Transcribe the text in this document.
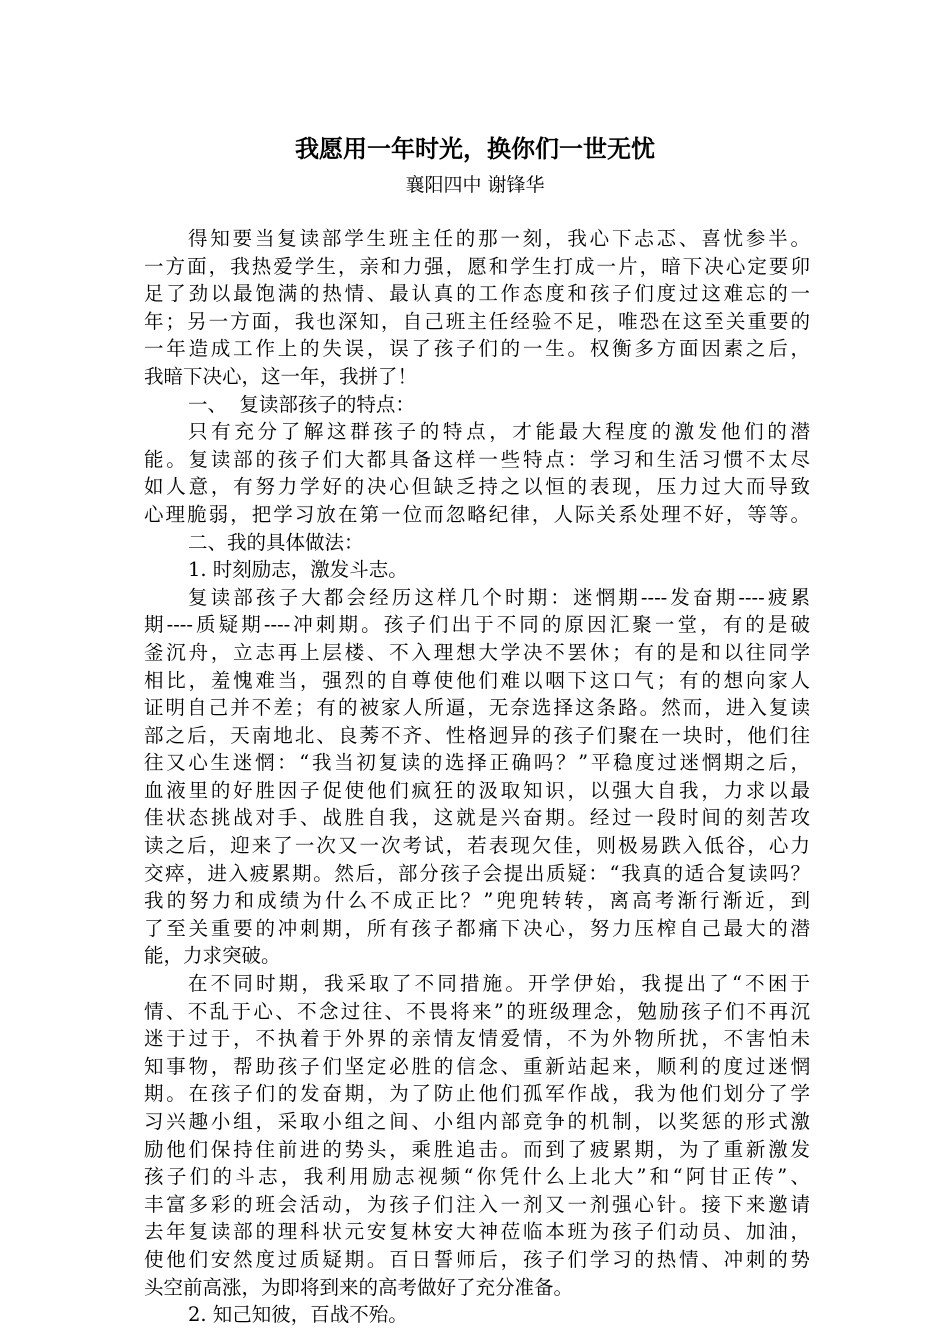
我愿用一年时光，换你们一世无忧
襄阳四中 谢锋华
得知要当复读部学生班主任的那一刻，我心下忐忑、喜忧参半。
一方面，我热爱学生，亲和力强，愿和学生打成一片，暗下决心定要卯
足了劲以最饱满的热情、最认真的工作态度和孩子们度过这难忘的一
年；另一方面，我也深知，自己班主任经验不足，唯恐在这至关重要的
一年造成工作上的失误，误了孩子们的一生。权衡多方面因素之后，
我暗下决心，这一年，我拼了！
一、  复读部孩子的特点：
只有充分了解这群孩子的特点，才能最大程度的激发他们的潜
能。复读部的孩子们大都具备这样一些特点：学习和生活习惯不太尽
如人意，有努力学好的决心但缺乏持之以恒的表现，压力过大而导致
心理脆弱，把学习放在第一位而忽略纪律，人际关系处理不好，等等。
二、我的具体做法：
1. 时刻励志，激发斗志。
复读部孩子大都会经历这样几个时期：迷惘期----发奋期----疲累
期----质疑期----冲刺期。孩子们出于不同的原因汇聚一堂，有的是破
釜沉舟，立志再上层楼、不入理想大学决不罢休；有的是和以往同学
相比，羞愧难当，强烈的自尊使他们难以咽下这口气；有的想向家人
证明自己并不差；有的被家人所逼，无奈选择这条路。然而，进入复读
部之后，天南地北、良莠不齐、性格迥异的孩子们聚在一块时，他们往
往又心生迷惘：“我当初复读的选择正确吗？”平稳度过迷惘期之后，
血液里的好胜因子促使他们疯狂的汲取知识，以强大自我，力求以最
佳状态挑战对手、战胜自我，这就是兴奋期。经过一段时间的刻苦攻
读之后，迎来了一次又一次考试，若表现欠佳，则极易跌入低谷，心力
交瘁，进入疲累期。然后，部分孩子会提出质疑：“我真的适合复读吗？
我的努力和成绩为什么不成正比？”兜兜转转，离高考渐行渐近，到
了至关重要的冲刺期，所有孩子都痛下决心，努力压榨自己最大的潜
能，力求突破。
在不同时期，我采取了不同措施。开学伊始，我提出了“不困于
情、不乱于心、不念过往、不畏将来”的班级理念，勉励孩子们不再沉
迷于过于，不执着于外界的亲情友情爱情，不为外物所扰，不害怕未
知事物，帮助孩子们坚定必胜的信念、重新站起来，顺利的度过迷惘
期。在孩子们的发奋期，为了防止他们孤军作战，我为他们划分了学
习兴趣小组，采取小组之间、小组内部竞争的机制，以奖惩的形式激
励他们保持住前进的势头，乘胜追击。而到了疲累期，为了重新激发
孩子们的斗志，我利用励志视频“你凭什么上北大”和“阿甘正传”、
丰富多彩的班会活动，为孩子们注入一剂又一剂强心针。接下来邀请
去年复读部的理科状元安复林安大神莅临本班为孩子们动员、加油，
使他们安然度过质疑期。百日誓师后，孩子们学习的热情、冲刺的势
头空前高涨，为即将到来的高考做好了充分准备。
2. 知己知彼，百战不殆。
